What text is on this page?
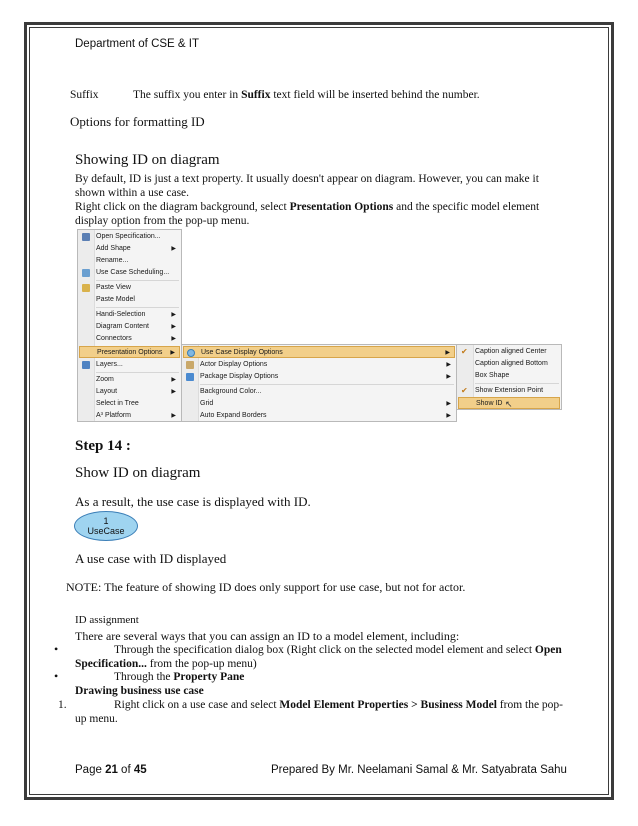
Department of CSE & IT
Suffix	The suffix you enter in Suffix text field will be inserted behind the number.
Options for formatting ID
Showing ID on diagram
By default, ID is just a text property. It usually doesn't appear on diagram. However, you can make it
shown within a use case.
Right click on the diagram background, select Presentation Options and the specific model element
display option from the pop-up menu.
Open Specification...
Add Shape	▶
Rename...
Use Case Scheduling...
Paste View
Paste Model
Handi-Selection	▶
Diagram Content	▶
Connectors	▶
Presentation Options ▶
Layers...
Zoom	▶
Layout	▶
Select in Tree
A³ Platform	▶
Use Case Display Options	▶
Actor Display Options	▶
Package Display Options	▶
Background Color...
Grid	▶
Auto Expand Borders	▶
✔ Caption aligned Center
Caption aligned Bottom
Box Shape
✔ Show Extension Point
Show ID ↖
Step 14 :
Show ID on diagram
As a result, the use case is displayed with ID.
1
UseCase
A use case with ID displayed
NOTE: The feature of showing ID does only support for use case, but not for actor.
ID assignment
There are several ways that you can assign an ID to a model element, including:
•	Through the specification dialog box (Right click on the selected model element and select Open
Specification... from the pop-up menu)
•	Through the Property Pane
Drawing business use case
1.	Right click on a use case and select Model Element Properties > Business Model from the pop-
up menu.
Page 21 of 45	Prepared By Mr. Neelamani Samal & Mr. Satyabrata Sahu
